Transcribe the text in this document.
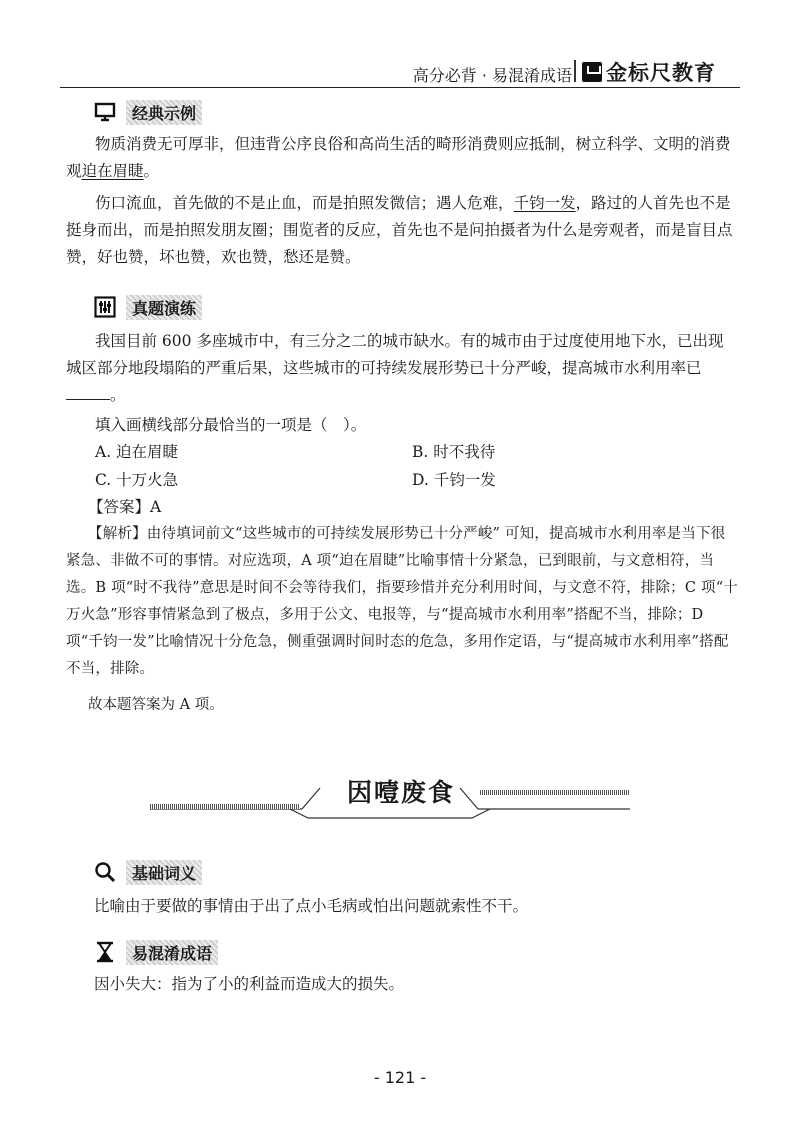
高分必背 · 易混淆成语 金标尺教育
经典示例
物质消费无可厚非，但违背公序良俗和高尚生活的畸形消费则应抵制，树立科学、文明的消费观迫在眉睫。
伤口流血，首先做的不是止血，而是拍照发微信；遇人危难，千钧一发，路过的人首先也不是挺身而出，而是拍照发朋友圈；围览者的反应，首先也不是问拍摄者为什么是旁观者，而是盲目点赞，好也赞，坏也赞，欢也赞，愁还是赞。
真题演练
我国目前 600 多座城市中，有三分之二的城市缺水。有的城市由于过度使用地下水，已出现城区部分地段塌陷的严重后果，这些城市的可持续发展形势已十分严峻，提高城市水利用率已。
填入画横线部分最恰当的一项是（　）。
A. 迫在眉睫	B. 时不我待
C. 十万火急	D. 千钧一发
【答案】A
【解析】由待填词前文“这些城市的可持续发展形势已十分严峻” 可知，提高城市水利用率是当下很紧急、非做不可的事情。对应选项，A 项“迫在眉睫”比喻事情十分紧急，已到眼前，与文意相符，当选。B 项“时不我待”意思是时间不会等待我们，指要珍惜并充分利用时间，与文意不符，排除；C 项“十万火急”形容事情紧急到了极点，多用于公文、电报等，与“提高城市水利用率”搭配不当，排除；D 项“千钧一发”比喻情况十分危急，侧重强调时间时态的危急，多用作定语，与“提高城市水利用率”搭配不当，排除。
故本题答案为 A 项。
因噎废食
基础词义
比喻由于要做的事情由于出了点小毛病或怕出问题就索性不干。
易混淆成语
因小失大：指为了小的利益而造成大的损失。
- 121 -
